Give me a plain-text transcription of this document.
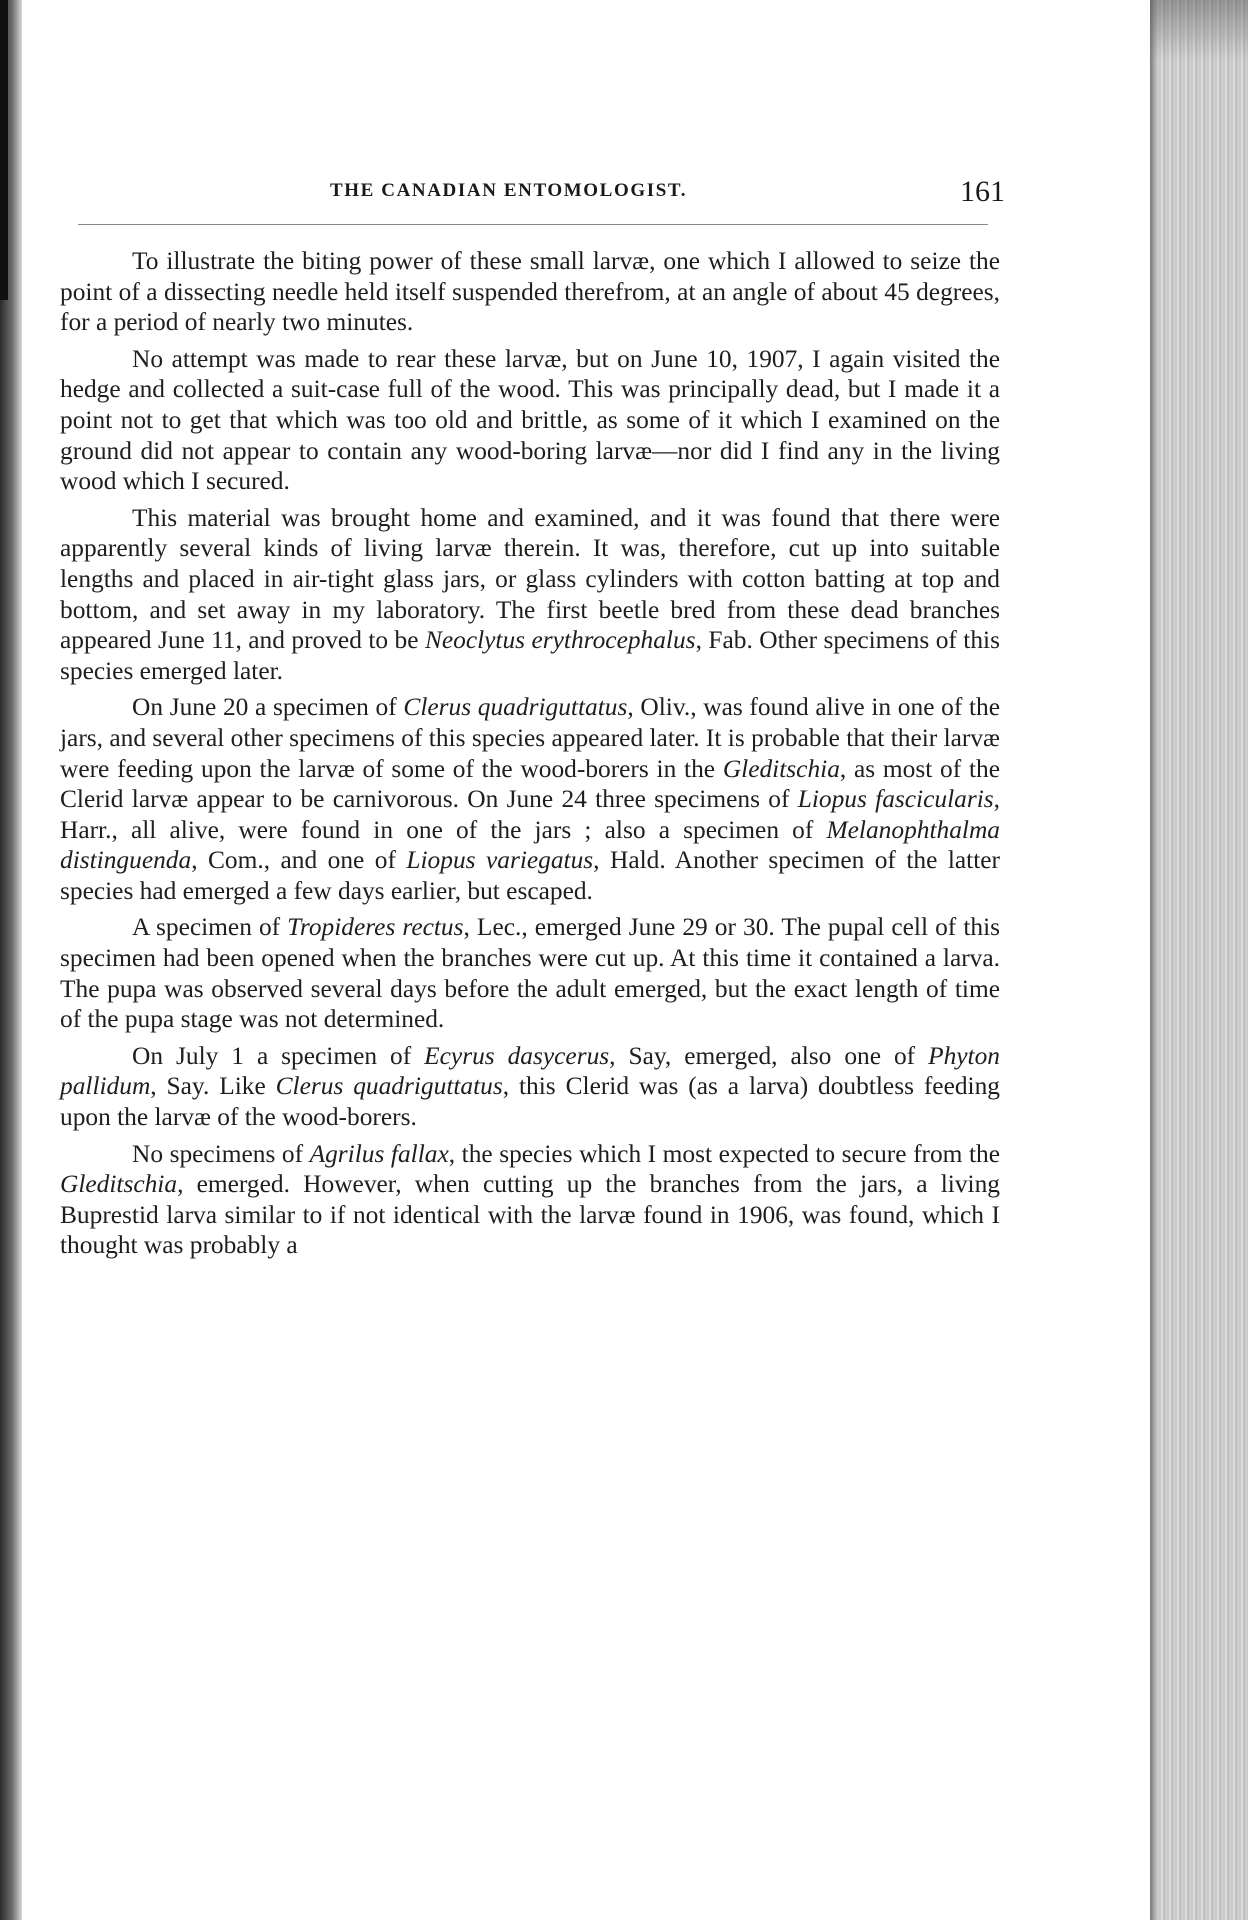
THE CANADIAN ENTOMOLOGIST.	161

To illustrate the biting power of these small larvæ, one which I allowed to seize the point of a dissecting needle held itself suspended therefrom, at an angle of about 45 degrees, for a period of nearly two minutes.

No attempt was made to rear these larvæ, but on June 10, 1907, I again visited the hedge and collected a suit-case full of the wood. This was principally dead, but I made it a point not to get that which was too old and brittle, as some of it which I examined on the ground did not appear to contain any wood-boring larvæ—nor did I find any in the living wood which I secured.

This material was brought home and examined, and it was found that there were apparently several kinds of living larvæ therein. It was, therefore, cut up into suitable lengths and placed in air-tight glass jars, or glass cylinders with cotton batting at top and bottom, and set away in my laboratory. The first beetle bred from these dead branches appeared June 11, and proved to be Neoclytus erythrocephalus, Fab. Other specimens of this species emerged later.

On June 20 a specimen of Clerus quadriguttatus, Oliv., was found alive in one of the jars, and several other specimens of this species appeared later. It is probable that their larvæ were feeding upon the larvæ of some of the wood-borers in the Gleditschia, as most of the Clerid larvæ appear to be carnivorous. On June 24 three specimens of Liopus fascicularis, Harr., all alive, were found in one of the jars ; also a specimen of Melanophthalma distinguenda, Com., and one of Liopus variegatus, Hald. Another specimen of the latter species had emerged a few days earlier, but escaped.

A specimen of Tropideres rectus, Lec., emerged June 29 or 30. The pupal cell of this specimen had been opened when the branches were cut up. At this time it contained a larva. The pupa was observed several days before the adult emerged, but the exact length of time of the pupa stage was not determined.

On July 1 a specimen of Ecyrus dasycerus, Say, emerged, also one of Phyton pallidum, Say. Like Clerus quadriguttatus, this Clerid was (as a larva) doubtless feeding upon the larvæ of the wood-borers.

No specimens of Agrilus fallax, the species which I most expected to secure from the Gleditschia, emerged. However, when cutting up the branches from the jars, a living Buprestid larva similar to if not identical with the larvæ found in 1906, was found, which I thought was probably a
